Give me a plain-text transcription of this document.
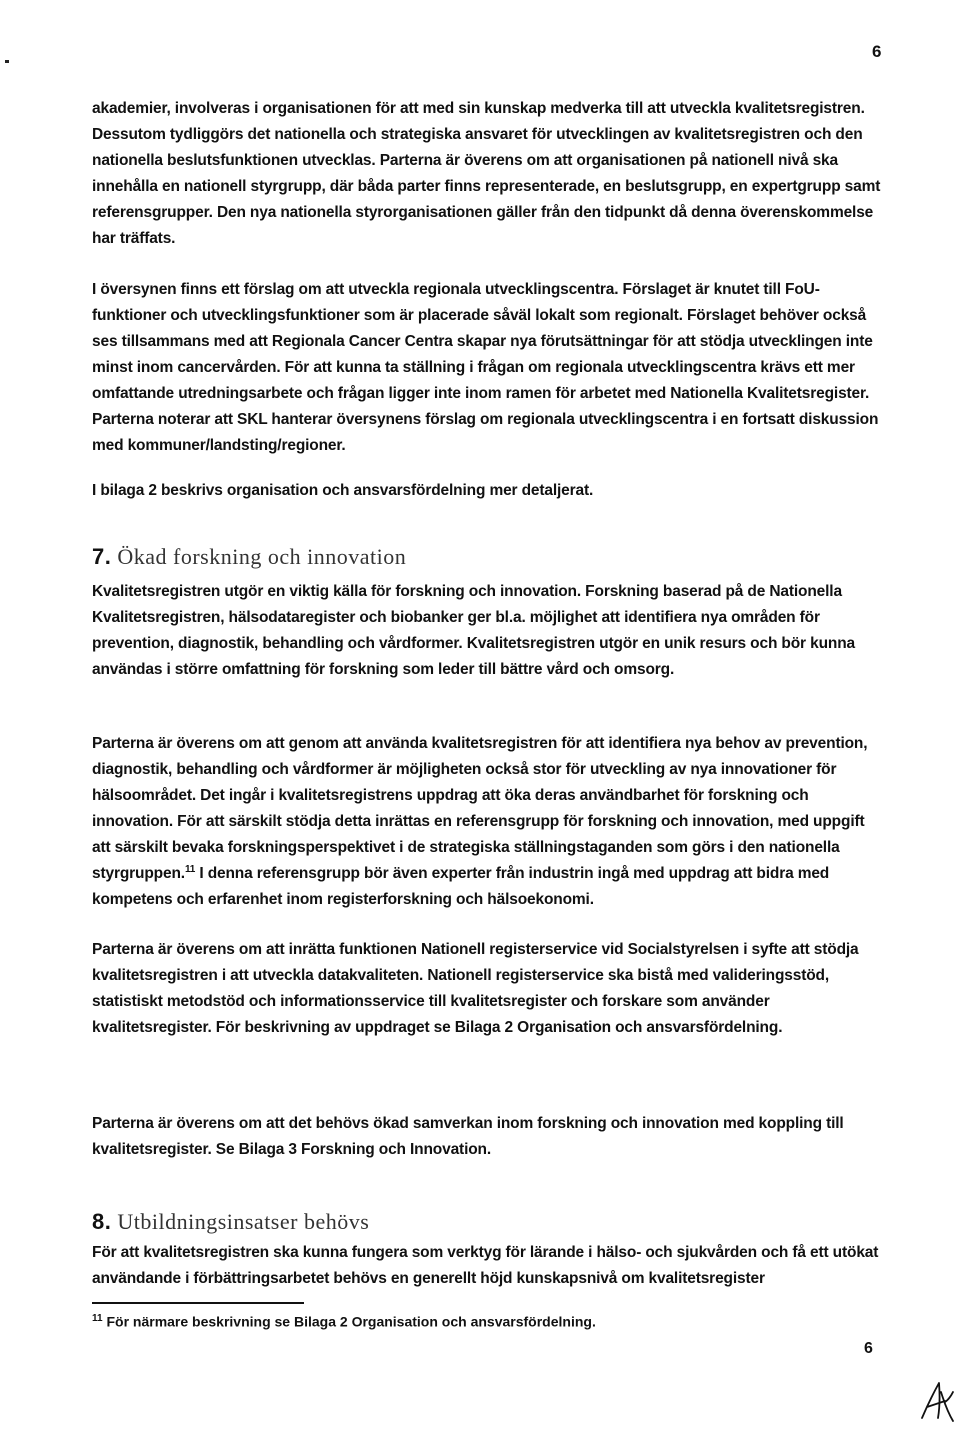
6

akademier, involveras i organisationen för att med sin kunskap medverka till att utveckla kvalitetsregistren. Dessutom tydliggörs det nationella och strategiska ansvaret för utvecklingen av kvalitetsregistren och den nationella beslutsfunktionen utvecklas. Parterna är överens om att organisationen på nationell nivå ska innehålla en nationell styrgrupp, där båda parter finns representerade, en beslutsgrupp, en expertgrupp samt referensgrupper. Den nya nationella styrorganisationen gäller från den tidpunkt då denna överenskommelse har träffats.

I översynen finns ett förslag om att utveckla regionala utvecklingscentra. Förslaget är knutet till FoU-funktioner och utvecklingsfunktioner som är placerade såväl lokalt som regionalt. Förslaget behöver också ses tillsammans med att Regionala Cancer Centra skapar nya förutsättningar för att stödja utvecklingen inte minst inom cancervården. För att kunna ta ställning i frågan om regionala utvecklingscentra krävs ett mer omfattande utredningsarbete och frågan ligger inte inom ramen för arbetet med Nationella Kvalitetsregister. Parterna noterar att SKL hanterar översynens förslag om regionala utvecklingscentra i en fortsatt diskussion med kommuner/landsting/regioner.

I bilaga 2 beskrivs organisation och ansvarsfördelning mer detaljerat.

7. Ökad forskning och innovation

Kvalitetsregistren utgör en viktig källa för forskning och innovation. Forskning baserad på de Nationella Kvalitetsregistren, hälsodataregister och biobanker ger bl.a. möjlighet att identifiera nya områden för prevention, diagnostik, behandling och vårdformer. Kvalitetsregistren utgör en unik resurs och bör kunna användas i större omfattning för forskning som leder till bättre vård och omsorg.

Parterna är överens om att genom att använda kvalitetsregistren för att identifiera nya behov av prevention, diagnostik, behandling och vårdformer är möjligheten också stor för utveckling av nya innovationer för hälsoområdet. Det ingår i kvalitetsregistrens uppdrag att öka deras användbarhet för forskning och innovation. För att särskilt stödja detta inrättas en referensgrupp för forskning och innovation, med uppgift att särskilt bevaka forskningsperspektivet i de strategiska ställningstaganden som görs i den nationella styrgruppen.$^{11}$ I denna referensgrupp bör även experter från industrin ingå med uppdrag att bidra med kompetens och erfarenhet inom registerforskning och hälsoekonomi.

Parterna är överens om att inrätta funktionen Nationell registerservice vid Socialstyrelsen i syfte att stödja kvalitetsregistren i att utveckla datakvaliteten. Nationell registerservice ska bistå med valideringsstöd, statistiskt metodstöd och informationsservice till kvalitetsregister och forskare som använder kvalitetsregister. För beskrivning av uppdraget se Bilaga 2 Organisation och ansvarsfördelning.

Parterna är överens om att det behövs ökad samverkan inom forskning och innovation med koppling till kvalitetsregister. Se Bilaga 3 Forskning och Innovation.

8. Utbildningsinsatser behövs

För att kvalitetsregistren ska kunna fungera som verktyg för lärande i hälso- och sjukvården och få ett utökat användande i förbättringsarbetet behövs en generellt höjd kunskapsnivå om kvalitetsregister

$^{11}$ För närmare beskrivning se Bilaga 2 Organisation och ansvarsfördelning.
6
